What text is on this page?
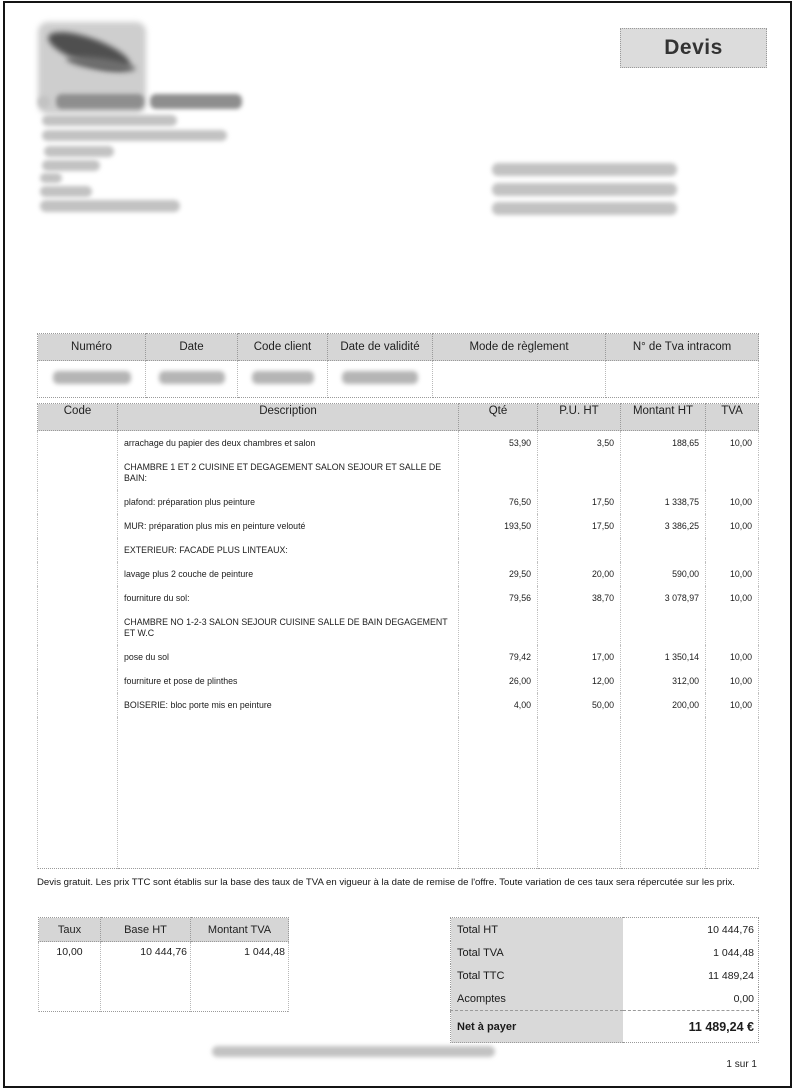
Devis
Numéro	Date	Code client	Date de validité	Mode de règlement	N° de Tva intracom

Code	Description	Qté	P.U. HT	Montant HT	TVA
	arrachage du papier des deux chambres et salon	53,90	3,50	188,65	10,00
	CHAMBRE 1 ET 2 CUISINE ET DEGAGEMENT SALON SEJOUR ET SALLE DE BAIN:				
	plafond: préparation plus peinture	76,50	17,50	1 338,75	10,00
	MUR: préparation plus mis en peinture velouté	193,50	17,50	3 386,25	10,00
	EXTERIEUR: FACADE PLUS LINTEAUX:				
	lavage plus 2 couche de peinture	29,50	20,00	590,00	10,00
	fourniture du sol:	79,56	38,70	3 078,97	10,00
	CHAMBRE NO 1-2-3 SALON SEJOUR CUISINE SALLE DE BAIN DEGAGEMENT ET W.C				
	pose du sol	79,42	17,00	1 350,14	10,00
	fourniture et pose de plinthes	26,00	12,00	312,00	10,00
	BOISERIE: bloc porte mis en peinture	4,00	50,00	200,00	10,00

Devis gratuit. Les prix TTC sont établis sur la base des taux de TVA en vigueur à la date de remise de l'offre. Toute variation de ces taux sera répercutée sur les prix.
Taux	Base HT	Montant TVA
10,00	10 444,76	1 044,48
Total HT	10 444,76
Total TVA	1 044,48
Total TTC	11 489,24
Acomptes	0,00
Net à payer	11 489,24 €
1 sur 1
